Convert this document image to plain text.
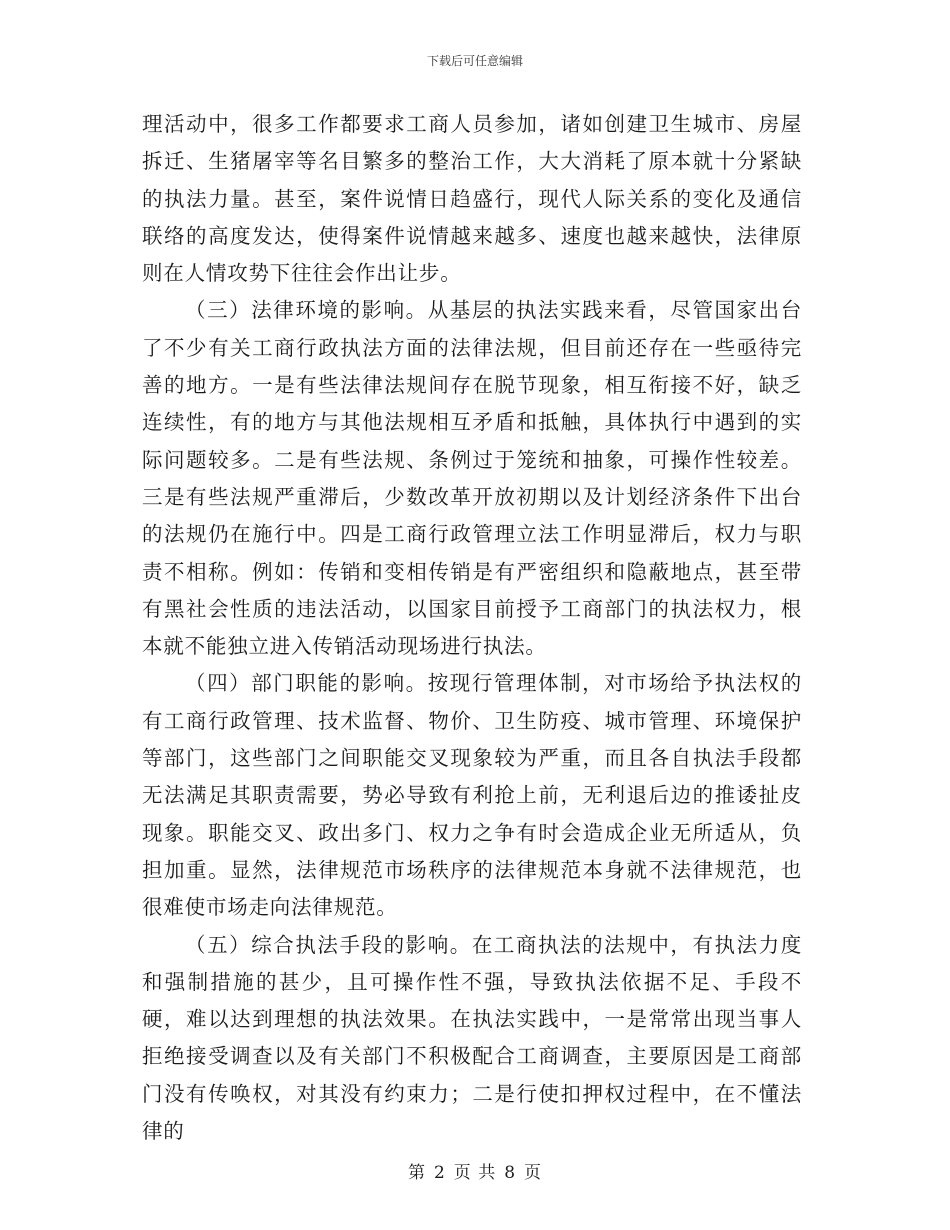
下载后可任意编辑

理活动中，很多工作都要求工商人员参加，诸如创建卫生城市、房屋拆迁、生猪屠宰等名目繁多的整治工作，大大消耗了原本就十分紧缺的执法力量。甚至，案件说情日趋盛行，现代人际关系的变化及通信联络的高度发达，使得案件说情越来越多、速度也越来越快，法律原则在人情攻势下往往会作出让步。

（三）法律环境的影响。从基层的执法实践来看，尽管国家出台了不少有关工商行政执法方面的法律法规，但目前还存在一些亟待完善的地方。一是有些法律法规间存在脱节现象，相互衔接不好，缺乏连续性，有的地方与其他法规相互矛盾和抵触，具体执行中遇到的实际问题较多。二是有些法规、条例过于笼统和抽象，可操作性较差。三是有些法规严重滞后，少数改革开放初期以及计划经济条件下出台的法规仍在施行中。四是工商行政管理立法工作明显滞后，权力与职责不相称。例如：传销和变相传销是有严密组织和隐蔽地点，甚至带有黑社会性质的违法活动，以国家目前授予工商部门的执法权力，根本就不能独立进入传销活动现场进行执法。

（四）部门职能的影响。按现行管理体制，对市场给予执法权的有工商行政管理、技术监督、物价、卫生防疫、城市管理、环境保护等部门，这些部门之间职能交叉现象较为严重，而且各自执法手段都无法满足其职责需要，势必导致有利抢上前，无利退后边的推诿扯皮现象。职能交叉、政出多门、权力之争有时会造成企业无所适从，负担加重。显然，法律规范市场秩序的法律规范本身就不法律规范，也很难使市场走向法律规范。

（五）综合执法手段的影响。在工商执法的法规中，有执法力度和强制措施的甚少，且可操作性不强，导致执法依据不足、手段不硬，难以达到理想的执法效果。在执法实践中，一是常常出现当事人拒绝接受调查以及有关部门不积极配合工商调查，主要原因是工商部门没有传唤权，对其没有约束力；二是行使扣押权过程中，在不懂法律的

第 2 页 共 8 页
